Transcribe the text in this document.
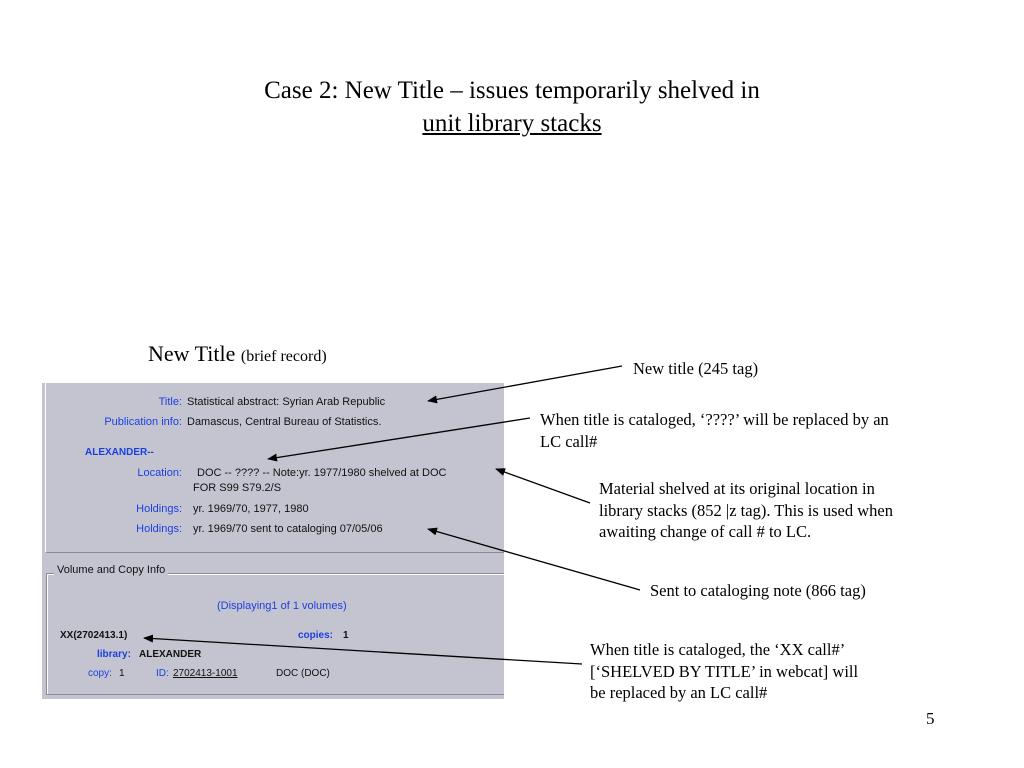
Case 2: New Title – issues temporarily shelved in
unit library stacks
New Title (brief record)
Title: Statistical abstract: Syrian Arab Republic
Publication info: Damascus, Central Bureau of Statistics.
ALEXANDER--
Location: DOC -- ???? -- Note:yr. 1977/1980 shelved at DOC
FOR S99 S79.2/S
Holdings: yr. 1969/70, 1977, 1980
Holdings: yr. 1969/70 sent to cataloging 07/05/06
Volume and Copy Info
(Displaying1 of 1 volumes)
XX(2702413.1)	copies: 1
library: ALEXANDER
copy: 1	ID: 2702413-1001	DOC (DOC)
New title (245 tag)
When title is cataloged, ‘????’ will be replaced by an
LC call#
Material shelved at its original location in
library stacks (852 |z tag). This is used when
awaiting change of call # to LC.
Sent to cataloging note (866 tag)
When title is cataloged, the ‘XX call#’
[‘SHELVED BY TITLE’ in webcat] will
be replaced by an LC call#
5
